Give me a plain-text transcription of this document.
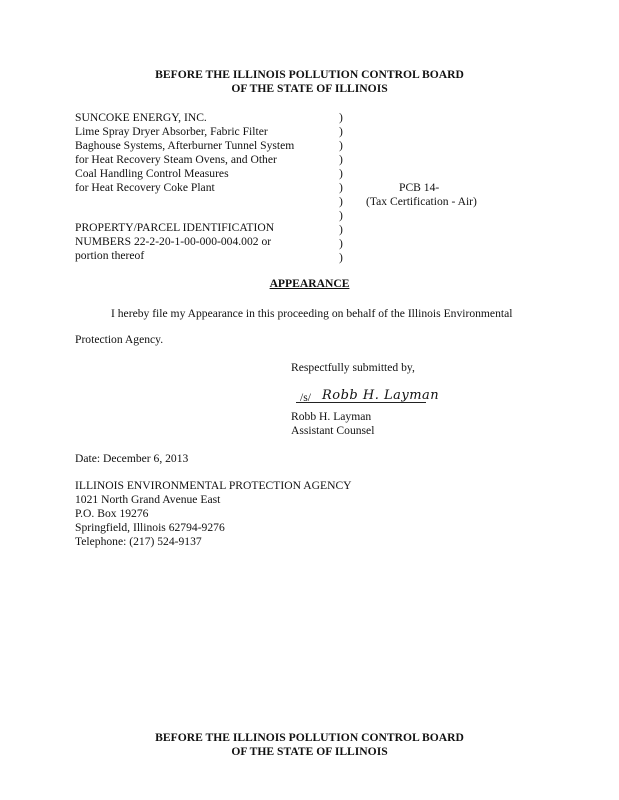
BEFORE THE ILLINOIS POLLUTION CONTROL BOARD
OF THE STATE OF ILLINOIS
SUNCOKE ENERGY, INC.
Lime Spray Dryer Absorber, Fabric Filter
Baghouse Systems, Afterburner Tunnel System
for Heat Recovery Steam Ovens, and Other
Coal Handling Control Measures
for Heat Recovery Coke Plant
PROPERTY/PARCEL IDENTIFICATION
NUMBERS 22-2-20-1-00-000-004.002 or
portion thereof
)
)
)
)
)
)
)
)
)
)
)
PCB 14-
(Tax Certification - Air)
APPEARANCE
I hereby file my Appearance in this proceeding on behalf of the Illinois Environmental
Protection Agency.
Respectfully submitted by,
/s/ Robb H. Layman
Robb H. Layman
Assistant Counsel
Date: December 6, 2013
ILLINOIS ENVIRONMENTAL PROTECTION AGENCY
1021 North Grand Avenue East
P.O. Box 19276
Springfield, Illinois 62794-9276
Telephone: (217) 524-9137
BEFORE THE ILLINOIS POLLUTION CONTROL BOARD
OF THE STATE OF ILLINOIS
